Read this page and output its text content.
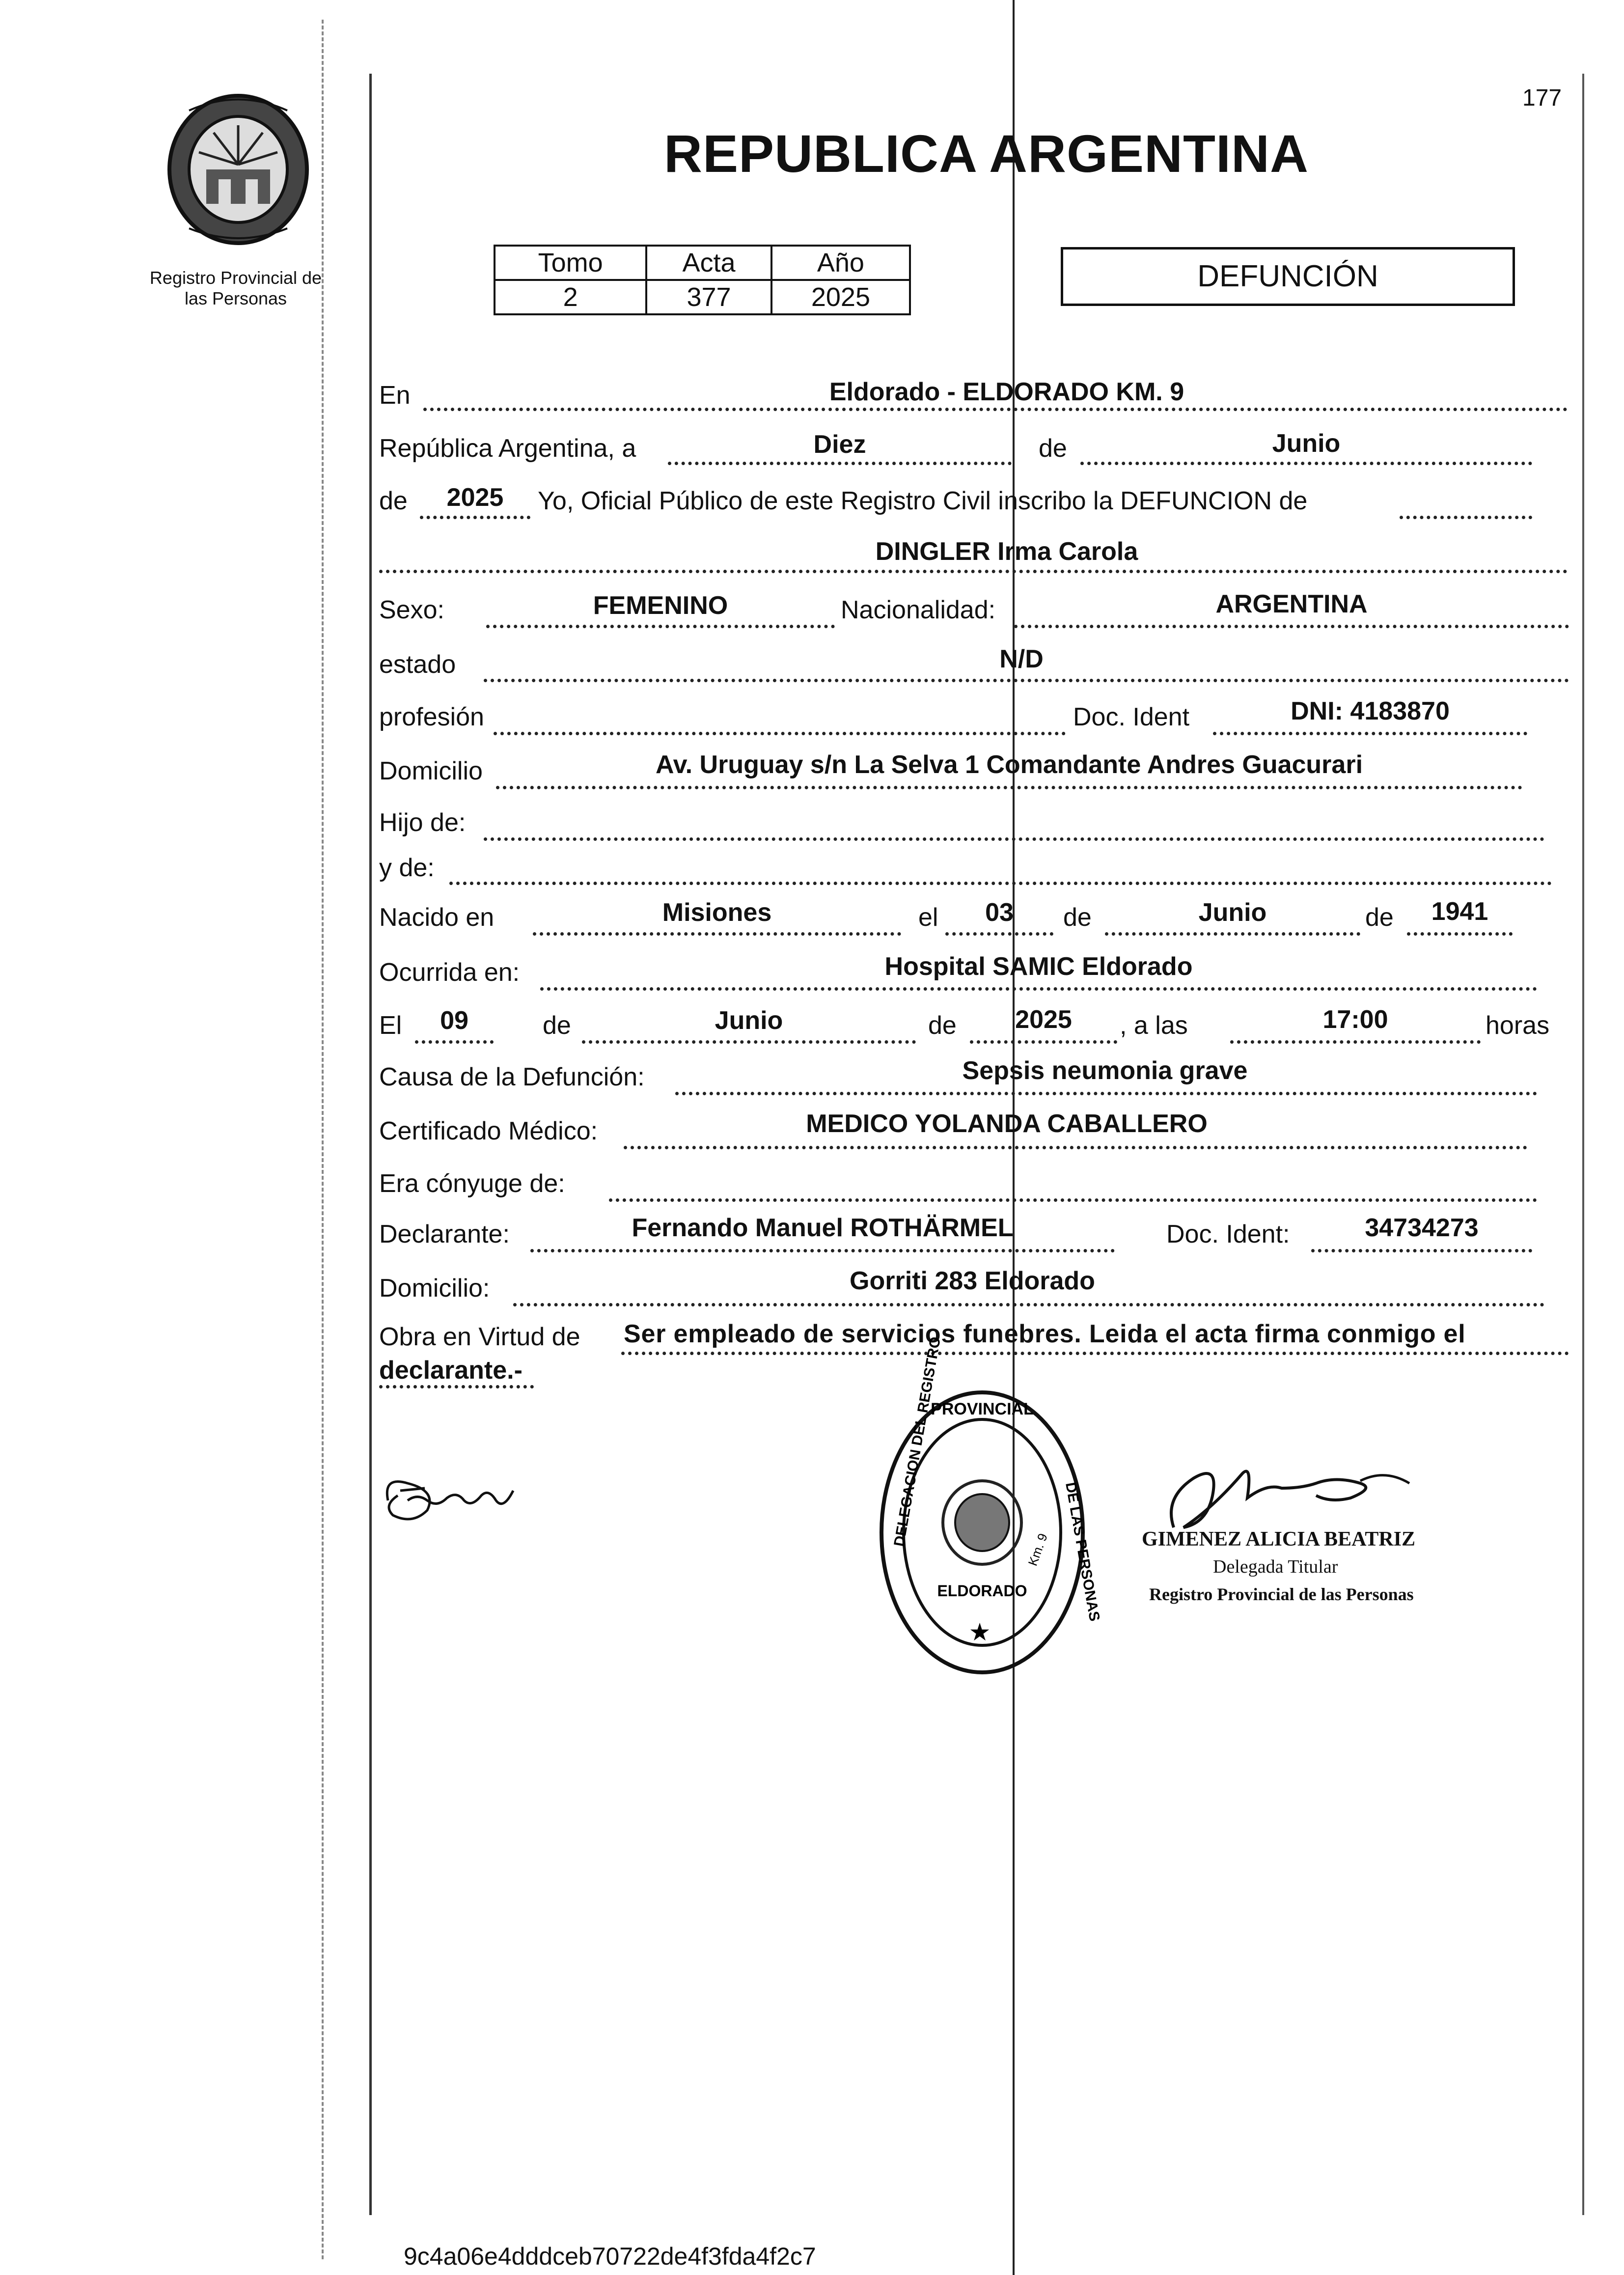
177
Registro Provincial de
las Personas
REPUBLICA ARGENTINA
Tomo	Acta	Año
2	377	2025
DEFUNCIÓN
En	Eldorado - ELDORADO KM. 9
República Argentina, a	Diez	de	Junio
de	2025	Yo, Oficial Público de este Registro Civil inscribo la DEFUNCION de
DINGLER Irma Carola
Sexo:	FEMENINO	Nacionalidad:	ARGENTINA
estado	N/D
profesión	Doc. Ident	DNI: 4183870
Domicilio	Av. Uruguay s/n La Selva 1 Comandante Andres Guacurari
Hijo de:
y de:
Nacido en	Misiones	el	03	de	Junio	de	1941
Ocurrida en:	Hospital SAMIC Eldorado
El	09	de	Junio	de	2025	, a las	17:00	horas
Causa de la Defunción:	Sepsis neumonia grave
Certificado Médico:	MEDICO YOLANDA CABALLERO
Era cónyuge de:
Declarante:	Fernando Manuel ROTHÄRMEL	Doc. Ident:	34734273
Domicilio:	Gorriti 283 Eldorado
Obra en Virtud de Ser empleado de servicios funebres. Leida el acta firma conmigo el
declarante.-
PROVINCIAL
DELEGACION DEL REGISTRO
DE LAS PERSONAS
ELDORADO
Km. 9
★
GIMENEZ ALICIA BEATRIZ
Delegada Titular
Registro Provincial de las Personas
9c4a06e4dddceb70722de4f3fda4f2c7
